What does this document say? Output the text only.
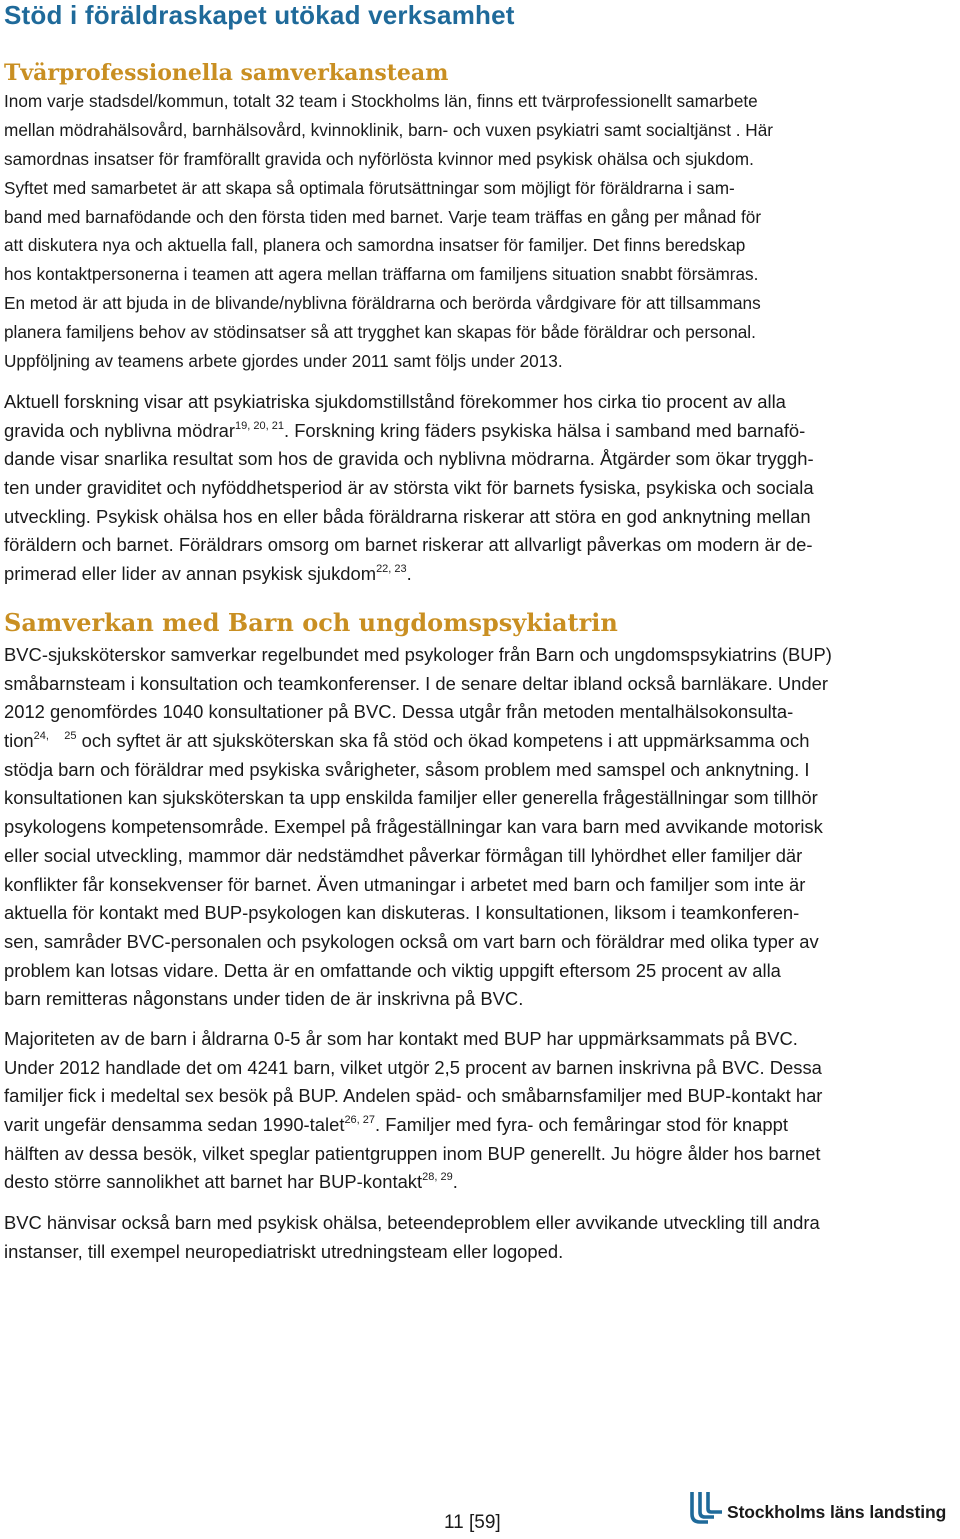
Stöd i föräldraskapet utökad verksamhet
Tvärprofessionella samverkansteam
Inom varje stadsdel/kommun, totalt 32 team i Stockholms län, finns ett tvärprofessionellt samarbete
mellan mödrahälsovård, barnhälsovård, kvinnoklinik, barn- och vuxen psykiatri samt socialtjänst . Här
samordnas insatser för framförallt gravida och nyförlösta kvinnor med psykisk ohälsa och sjukdom.
Syftet med samarbetet är att skapa så optimala förutsättningar som möjligt för föräldrarna i sam-
band med barnafödande och den första tiden med barnet. Varje team träffas en gång per månad för
att diskutera nya och aktuella fall, planera och samordna insatser för familjer. Det finns beredskap
hos kontaktpersonerna i teamen att agera mellan träffarna om familjens situation snabbt försämras.
En metod är att bjuda in de blivande/nyblivna föräldrarna och berörda vårdgivare för att tillsammans
planera familjens behov av stödinsatser så att trygghet kan skapas för både föräldrar och personal.
Uppföljning av teamens arbete gjordes under 2011 samt följs under 2013.
Aktuell forskning visar att psykiatriska sjukdomstillstånd förekommer hos cirka tio procent av alla
gravida och nyblivna mödrar$^{19, 20, 21}$. Forskning kring fäders psykiska hälsa i samband med barnafö-
dande visar snarlika resultat som hos de gravida och nyblivna mödrarna. Åtgärder som ökar tryggh-
ten under graviditet och nyföddhetsperiod är av största vikt för barnets fysiska, psykiska och sociala
utveckling. Psykisk ohälsa hos en eller båda föräldrarna riskerar att störa en god anknytning mellan
föräldern och barnet. Föräldrars omsorg om barnet riskerar att allvarligt påverkas om modern är de-
primerad eller lider av annan psykisk sjukdom$^{22, 23}$.
Samverkan med Barn och ungdomspsykiatrin
BVC-sjuksköterskor samverkar regelbundet med psykologer från Barn och ungdomspsykiatrins (BUP)
småbarnsteam i konsultation och teamkonferenser. I de senare deltar ibland också barnläkare. Under
2012 genomfördes 1040 konsultationer på BVC. Dessa utgår från metoden mentalhälsokonsulta-
tion$^{24,}$ $^{25}$ och syftet är att sjuksköterskan ska få stöd och ökad kompetens i att uppmärksamma och
stödja barn och föräldrar med psykiska svårigheter, såsom problem med samspel och anknytning. I
konsultationen kan sjuksköterskan ta upp enskilda familjer eller generella frågeställningar som tillhör
psykologens kompetensområde. Exempel på frågeställningar kan vara barn med avvikande motorisk
eller social utveckling, mammor där nedstämdhet påverkar förmågan till lyhördhet eller familjer där
konflikter får konsekvenser för barnet. Även utmaningar i arbetet med barn och familjer som inte är
aktuella för kontakt med BUP-psykologen kan diskuteras. I konsultationen, liksom i teamkonferen-
sen, samråder BVC-personalen och psykologen också om vart barn och föräldrar med olika typer av
problem kan lotsas vidare. Detta är en omfattande och viktig uppgift eftersom 25 procent av alla
barn remitteras någonstans under tiden de är inskrivna på BVC.
Majoriteten av de barn i åldrarna 0-5 år som har kontakt med BUP har uppmärksammats på BVC.
Under 2012 handlade det om 4241 barn, vilket utgör 2,5 procent av barnen inskrivna på BVC. Dessa
familjer fick i medeltal sex besök på BUP. Andelen späd- och småbarnsfamiljer med BUP-kontakt har
varit ungefär densamma sedan 1990-talet$^{26, 27}$. Familjer med fyra- och femåringar stod för knappt
hälften av dessa besök, vilket speglar patientgruppen inom BUP generellt. Ju högre ålder hos barnet
desto större sannolikhet att barnet har BUP-kontakt$^{28, 29}$.
BVC hänvisar också barn med psykisk ohälsa, beteendeproblem eller avvikande utveckling till andra
instanser, till exempel neuropediatriskt utredningsteam eller logoped.
11 [59]	Stockholms läns landsting
